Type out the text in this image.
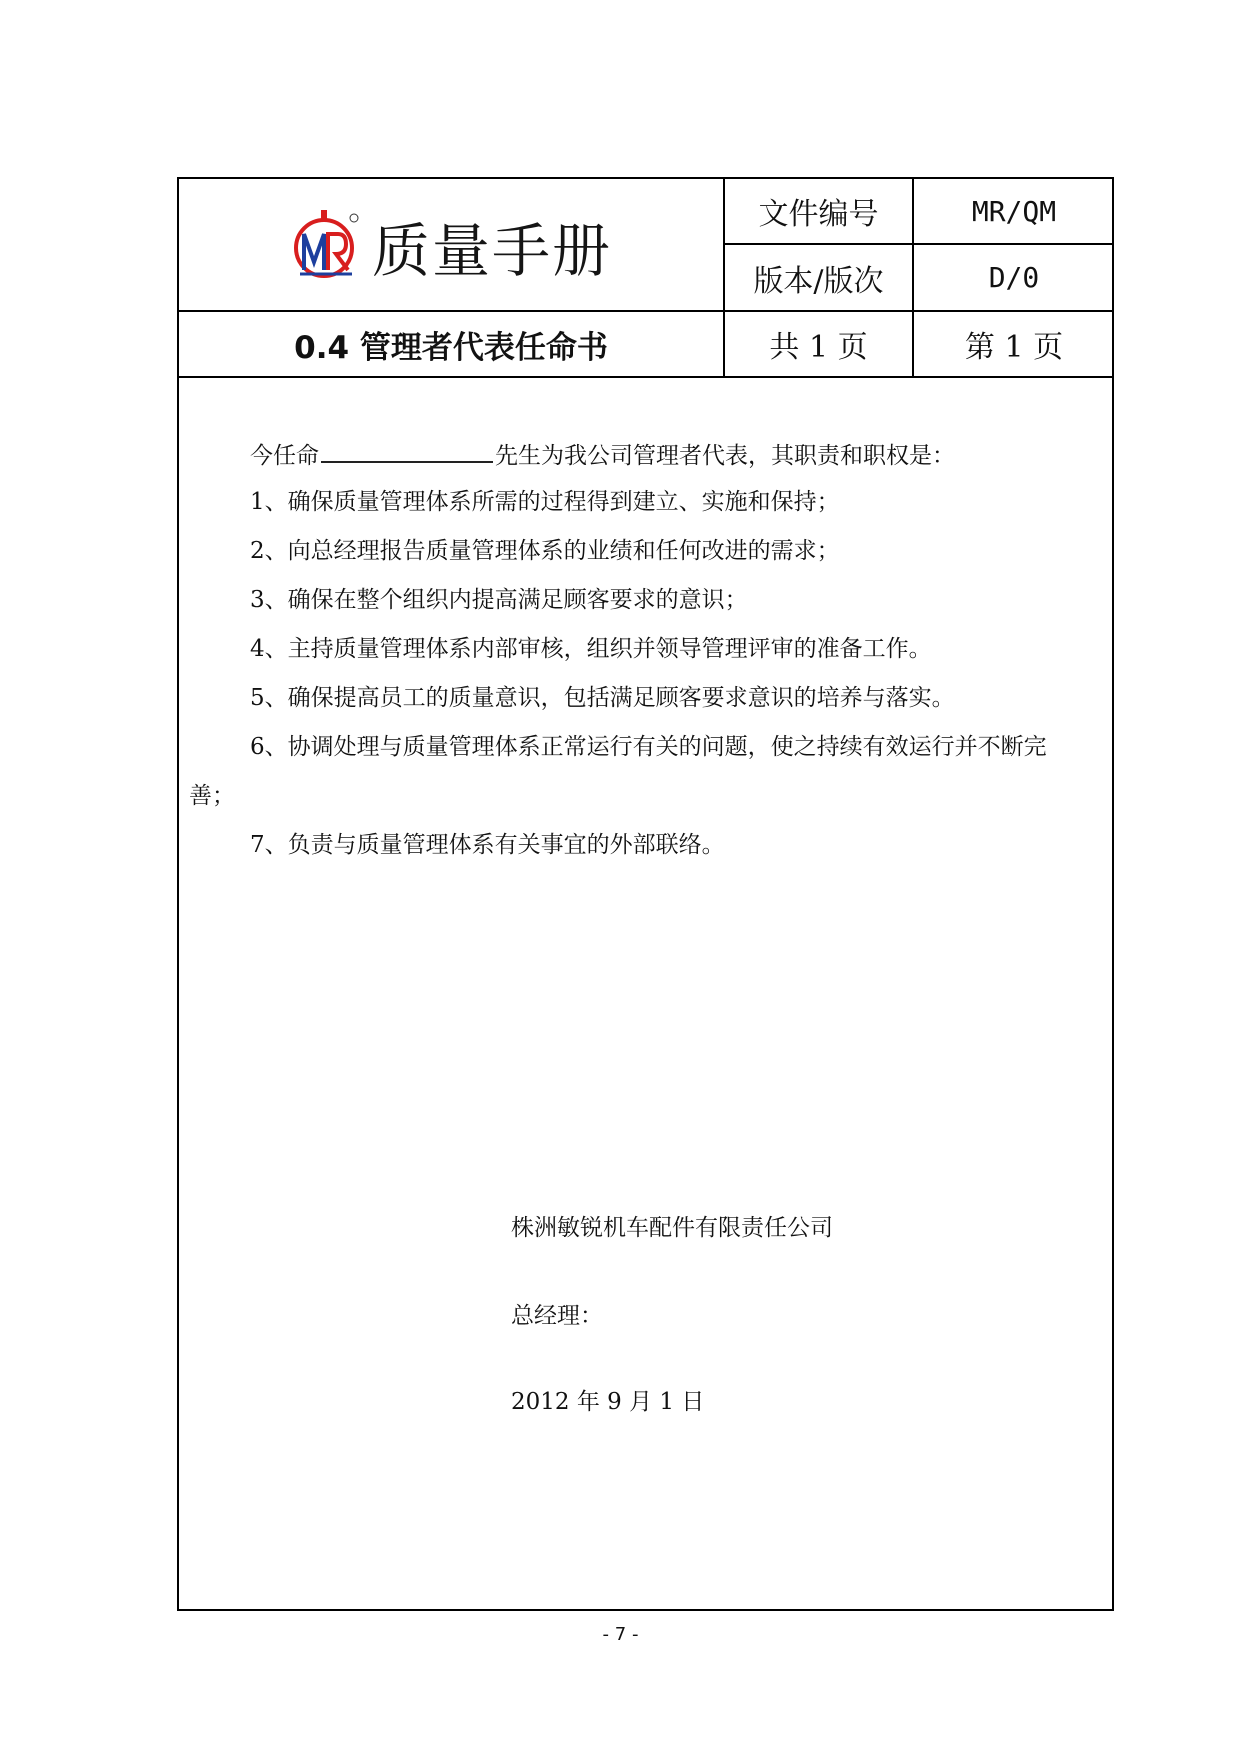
质量手册
文件编号	MR/QM
版本/版次	D/0
0.4 管理者代表任命书	共 1 页	第 1 页
今任命	先生为我公司管理者代表，其职责和职权是：
1、确保质量管理体系所需的过程得到建立、实施和保持；
2、向总经理报告质量管理体系的业绩和任何改进的需求；
3、确保在整个组织内提高满足顾客要求的意识；
4、主持质量管理体系内部审核，组织并领导管理评审的准备工作。
5、确保提高员工的质量意识，包括满足顾客要求意识的培养与落实。
6、协调处理与质量管理体系正常运行有关的问题，使之持续有效运行并不断完
善；
7、负责与质量管理体系有关事宜的外部联络。
株洲敏锐机车配件有限责任公司
总经理：
2012 年 9 月 1 日
- 7 -
